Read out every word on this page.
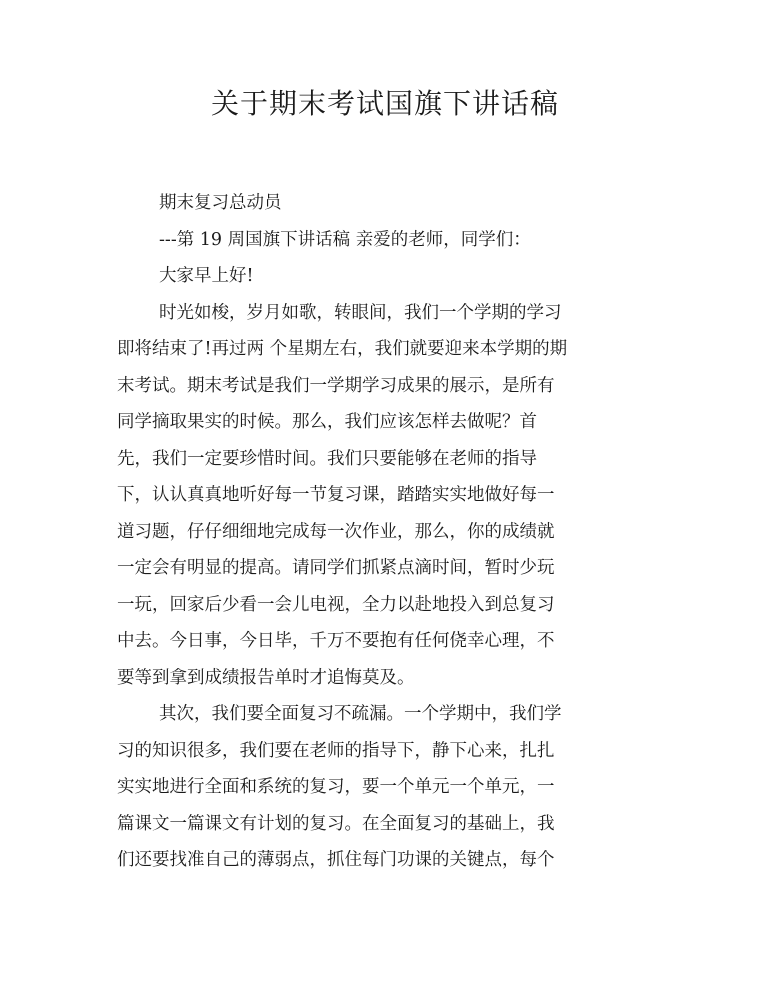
关于期末考试国旗下讲话稿
期末复习总动员
---第 19 周国旗下讲话稿 亲爱的老师，同学们：
大家早上好!
时光如梭，岁月如歌，转眼间，我们一个学期的学习
即将结束了!再过两 个星期左右，我们就要迎来本学期的期
末考试。期末考试是我们一学期学习成果的展示，是所有
同学摘取果实的时候。那么，我们应该怎样去做呢？首
先，我们一定要珍惜时间。我们只要能够在老师的指导
下，认认真真地听好每一节复习课，踏踏实实地做好每一
道习题，仔仔细细地完成每一次作业，那么，你的成绩就
一定会有明显的提高。请同学们抓紧点滴时间，暂时少玩
一玩，回家后少看一会儿电视，全力以赴地投入到总复习
中去。今日事，今日毕，千万不要抱有任何侥幸心理，不
要等到拿到成绩报告单时才追悔莫及。
其次，我们要全面复习不疏漏。一个学期中，我们学
习的知识很多，我们要在老师的指导下，静下心来，扎扎
实实地进行全面和系统的复习，要一个单元一个单元，一
篇课文一篇课文有计划的复习。在全面复习的基础上，我
们还要找准自己的薄弱点，抓住每门功课的关键点，每个
